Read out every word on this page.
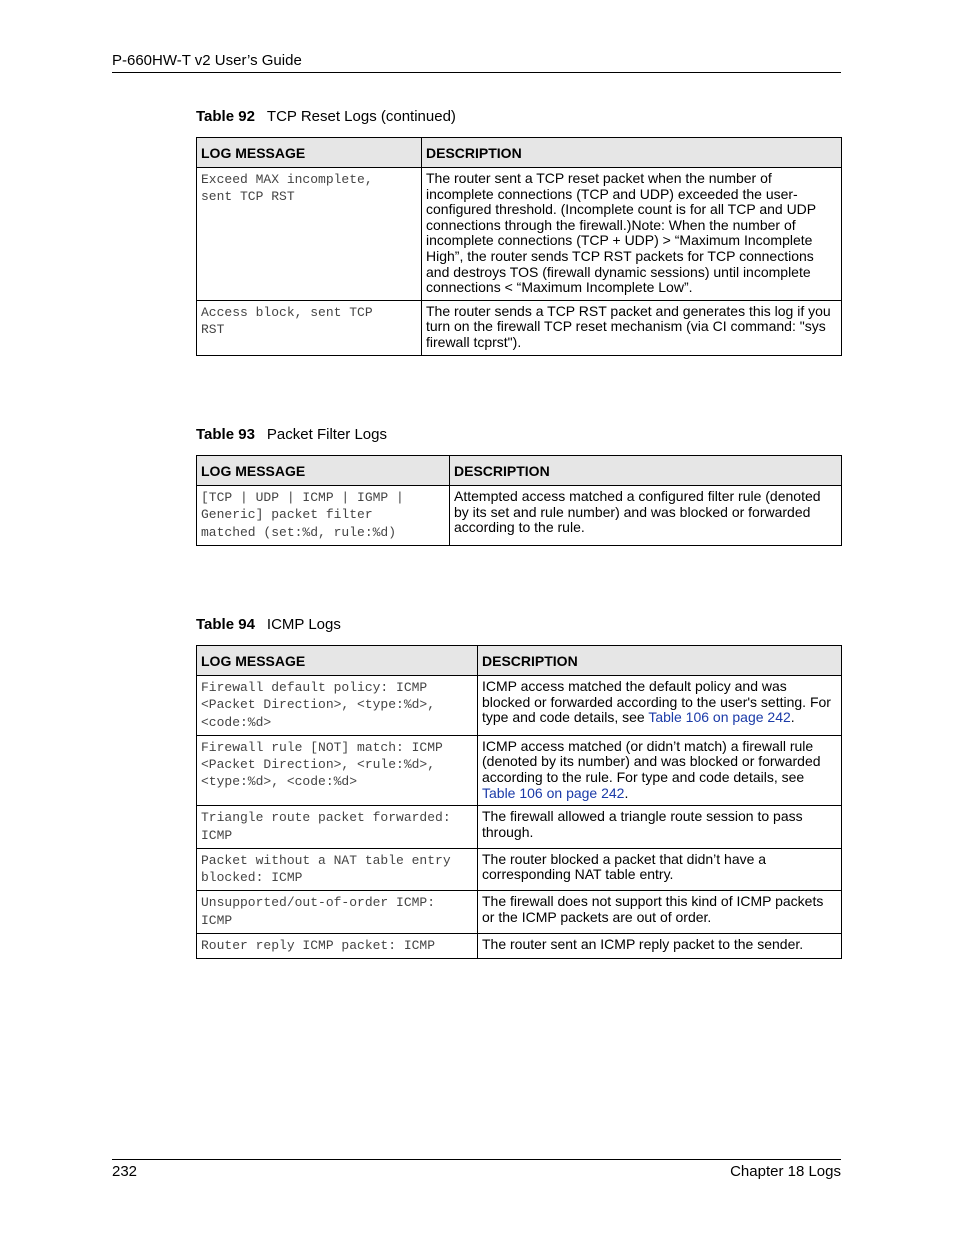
P-660HW-T v2 User’s Guide
Table 92 TCP Reset Logs (continued)
LOG MESSAGE	DESCRIPTION

Exceed MAX incomplete,
sent TCP RST	The router sent a TCP reset packet when the number of incomplete connections (TCP and UDP) exceeded the user-configured threshold. (Incomplete count is for all TCP and UDP connections through the firewall.)Note: When the number of incomplete connections (TCP + UDP) > “Maximum Incomplete High”, the router sends TCP RST packets for TCP connections and destroys TOS (firewall dynamic sessions) until incomplete connections < “Maximum Incomplete Low”.

Access block, sent TCP
RST	The router sends a TCP RST packet and generates this log if you turn on the firewall TCP reset mechanism (via CI command: "sys firewall tcprst").
Table 93 Packet Filter Logs
LOG MESSAGE	DESCRIPTION

[TCP | UDP | ICMP | IGMP |
Generic] packet filter
matched (set:%d, rule:%d)	Attempted access matched a configured filter rule (denoted by its set and rule number) and was blocked or forwarded according to the rule.
Table 94 ICMP Logs
LOG MESSAGE	DESCRIPTION

Firewall default policy: ICMP
<Packet Direction>, <type:%d>,
<code:%d>	ICMP access matched the default policy and was blocked or forwarded according to the user's setting. For type and code details, see Table 106 on page 242.

Firewall rule [NOT] match: ICMP
<Packet Direction>, <rule:%d>,
<type:%d>, <code:%d>	ICMP access matched (or didn’t match) a firewall rule (denoted by its number) and was blocked or forwarded according to the rule. For type and code details, see Table 106 on page 242.

Triangle route packet forwarded:
ICMP	The firewall allowed a triangle route session to pass through.

Packet without a NAT table entry
blocked: ICMP	The router blocked a packet that didn’t have a corresponding NAT table entry.

Unsupported/out-of-order ICMP:
ICMP	The firewall does not support this kind of ICMP packets or the ICMP packets are out of order.

Router reply ICMP packet: ICMP	The router sent an ICMP reply packet to the sender.
232	Chapter 18 Logs
